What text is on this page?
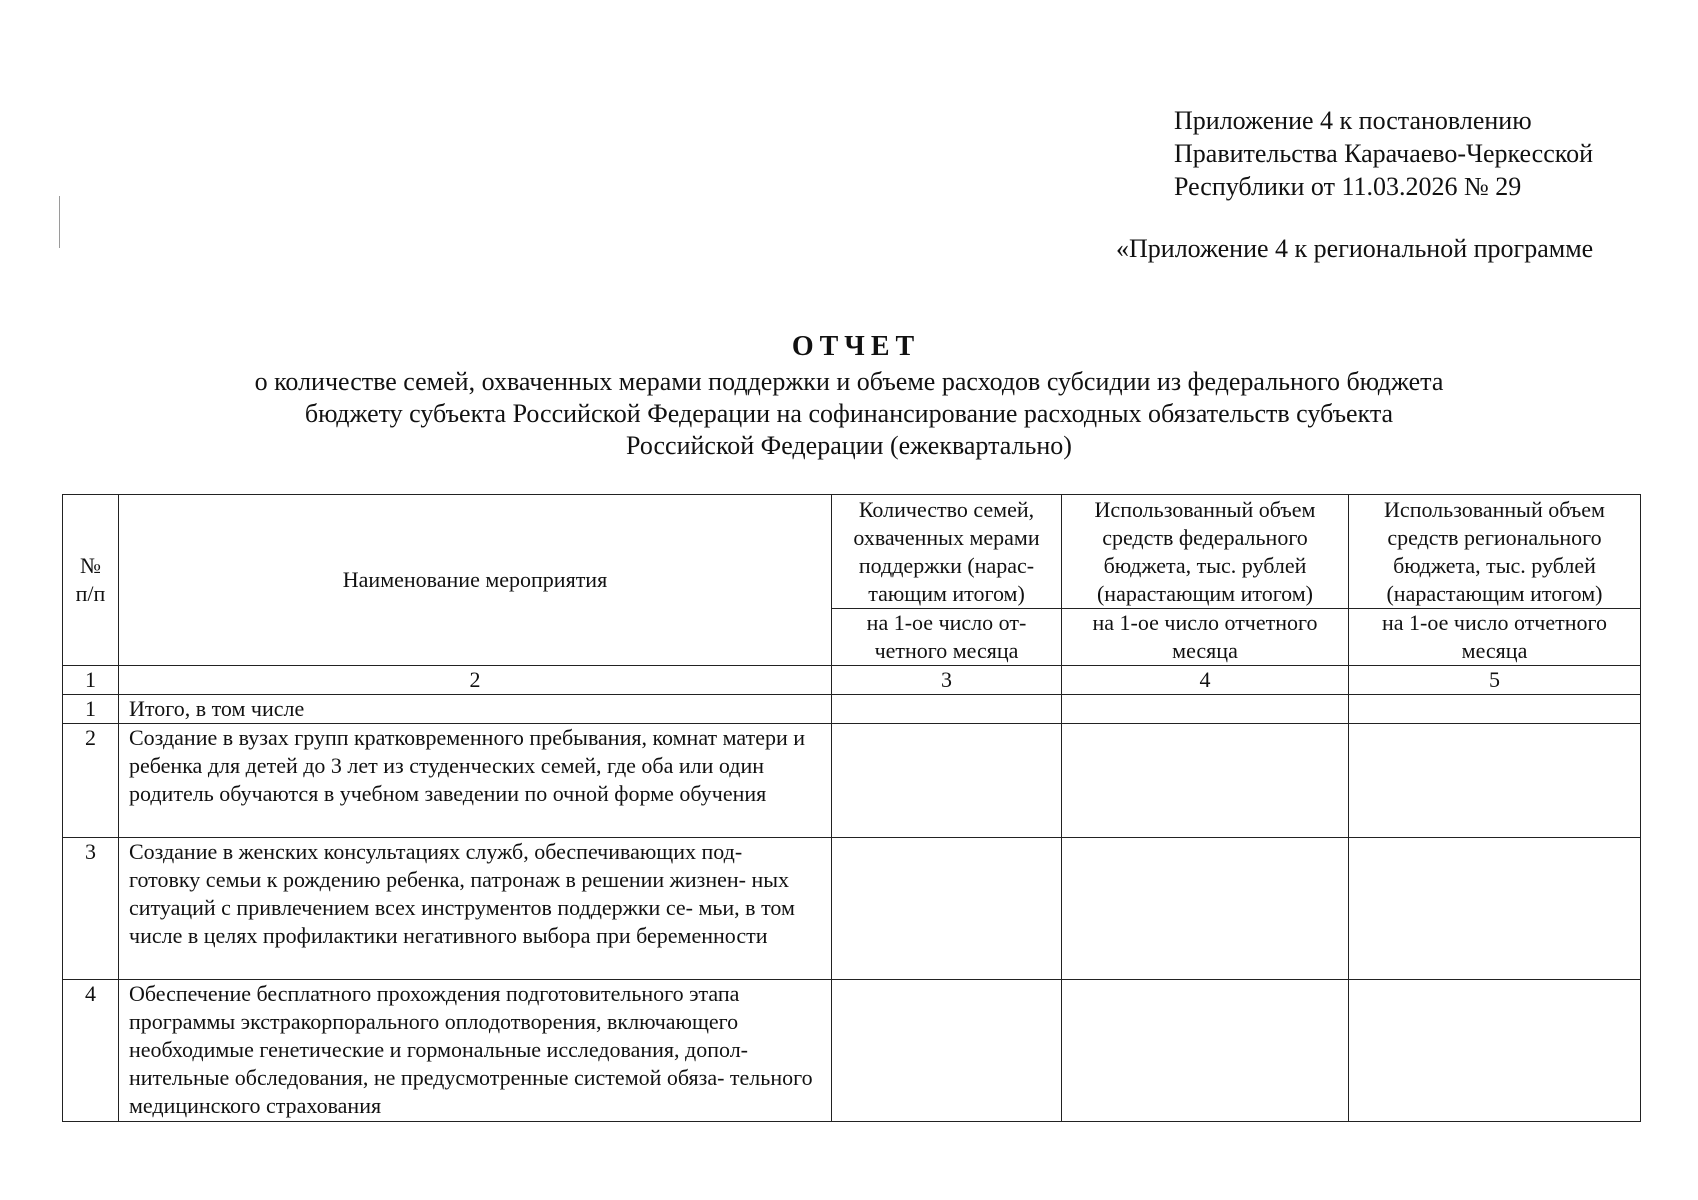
Приложение 4 к постановлению
Правительства Карачаево-Черкесской
Республики от 11.03.2026 № 29
«Приложение 4 к региональной программе
ОТЧЕТ
о количестве семей, охваченных мерами поддержки и объеме расходов субсидии из федерального бюджета
бюджету субъекта Российской Федерации на софинансирование расходных обязательств субъекта
Российской Федерации (ежеквартально)
№ п/п	Наименование мероприятия	Количество семей, охваченных мерами поддержки (нарас- тающим итогом)	Использованный объем средств федерального бюджета, тыс. рублей (нарастающим итогом)	Использованный объем средств регионального бюджета, тыс. рублей (нарастающим итогом)
		на 1-ое число от- четного месяца	на 1-ое число отчетного месяца	на 1-ое число отчетного месяца
1	2	3	4	5
1	Итого, в том числе			
2	Создание в вузах групп кратковременного пребывания, комнат матери и ребенка для детей до 3 лет из студенческих семей, где оба или один родитель обучаются в учебном заведении по очной форме обучения			
3	Создание в женских консультациях служб, обеспечивающих под- готовку семьи к рождению ребенка, патронаж в решении жизнен- ных ситуаций с привлечением всех инструментов поддержки се- мьи, в том числе в целях профилактики негативного выбора при беременности			
4	Обеспечение бесплатного прохождения подготовительного этапа программы экстракорпорального оплодотворения, включающего необходимые генетические и гормональные исследования, допол- нительные обследования, не предусмотренные системой обяза- тельного медицинского страхования			
